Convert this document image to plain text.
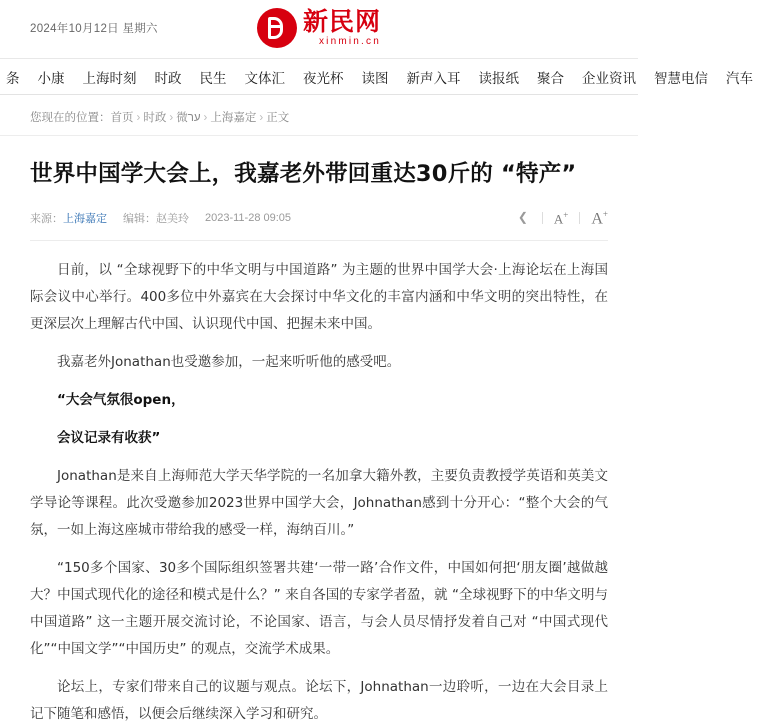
2024年10月12日 星期六	新民网
xinmin.cn
条	小康	上海时刻	时政	民生	文体汇	夜光杯	读图	新声入耳	读报纸	聚合	企业资讯	智慧电信	汽车
您现在的位置：首页 › 时政 › 微ער › 上海嘉定 › 正文
世界中国学大会上，我嘉老外带回重达30斤的 “特产”
来源：上海嘉定 编辑：赵美玲 2023-11-28 09:05 ❮	A+ A+

日前，以 “全球视野下的中华文明与中国道路” 为主题的世界中国学大会·上海论坛在上海国际会议中心举行。400多位中外嘉宾在大会探讨中华文化的丰富内涵和中华文明的突出特性，在更深层次上理解古代中国、认识现代中国、把握未来中国。

我嘉老外Jonathan也受邀参加，一起来听听他的感受吧。

“大会气氛很open，

会议记录有收获”

Jonathan是来自上海师范大学天华学院的一名加拿大籍外教，主要负责教授学英语和英美文学导论等课程。此次受邀参加2023世界中国学大会，Johnathan感到十分开心：“整个大会的气氛，一如上海这座城市带给我的感受一样，海纳百川。”

“150多个国家、30多个国际组织签署共建‘一带一路’合作文件，中国如何把‘朋友圈’越做越大？中国式现代化的途径和模式是什么？” 来自各国的专家学者盈，就 “全球视野下的中华文明与中国道路” 这一主题开展交流讨论，不论国家、语言，与会人员尽情抒发着自己对 “中国式现代化”“中国文学”“中国历史” 的观点，交流学术成果。

论坛上，专家们带来自己的议题与观点。论坛下，Johnathan一边聆听，一边在大会目录上记下随笔和感悟，以便会后继续深入学习和研究。
